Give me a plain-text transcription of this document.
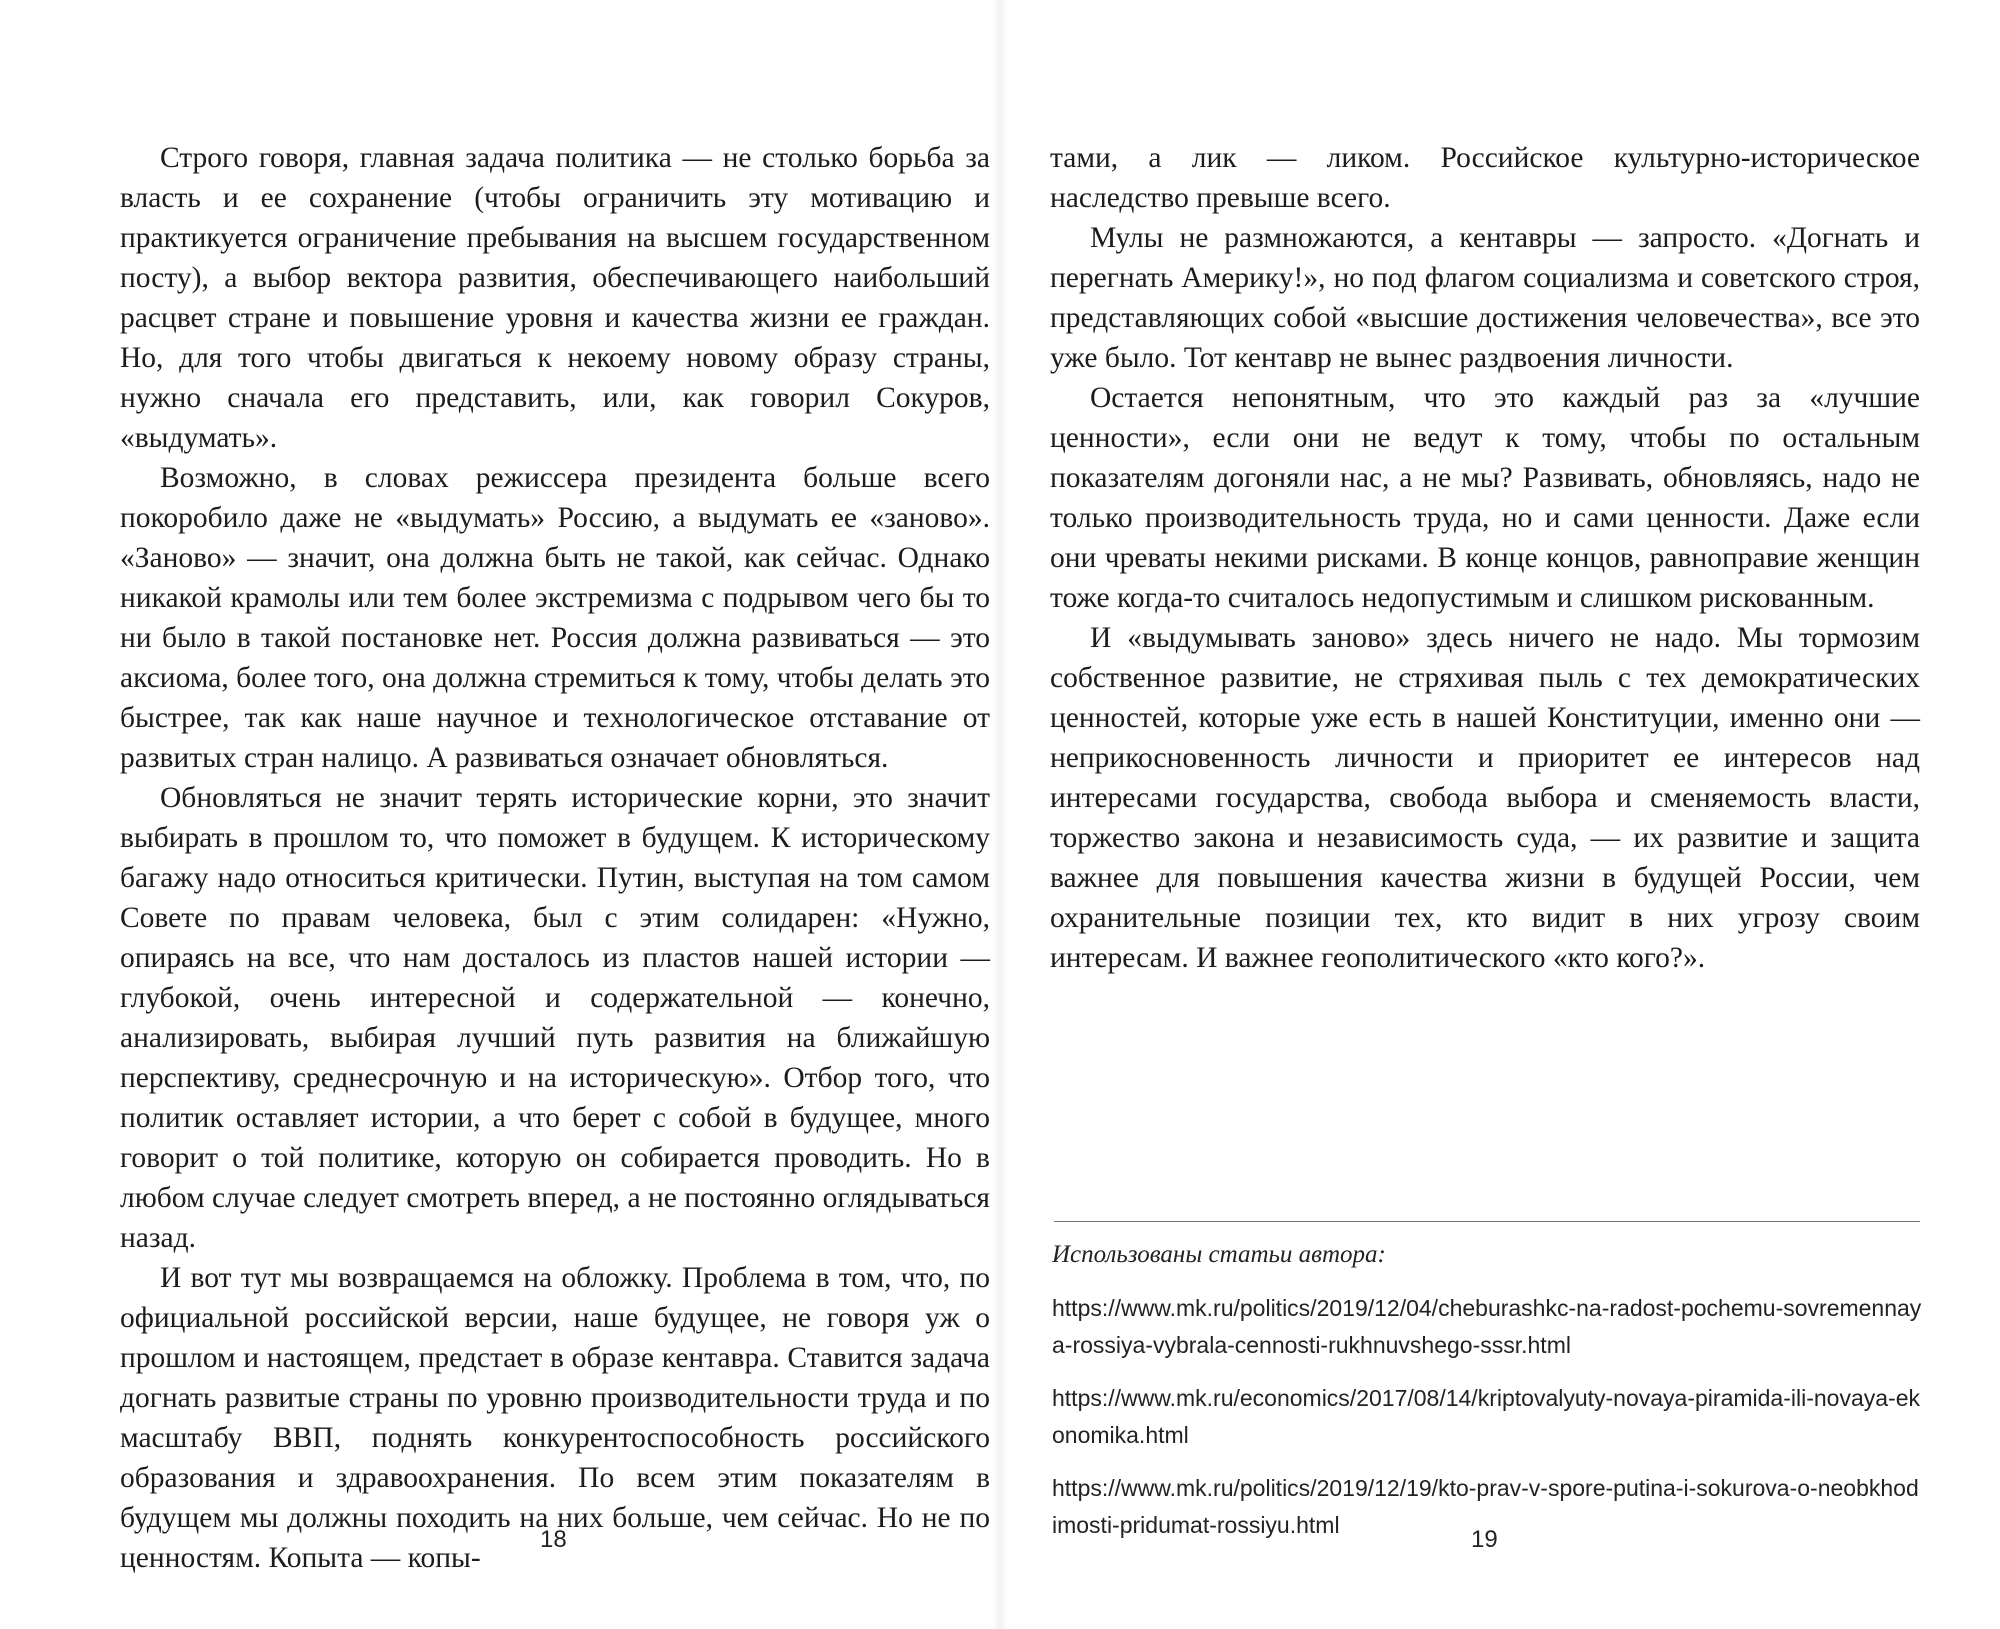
Строго говоря, главная задача политика — не столько борьба за власть и ее сохранение (чтобы ограничить эту мотивацию и практикуется ограничение пребывания на высшем государственном посту), а выбор вектора развития, обеспечивающего наибольший расцвет стране и повышение уровня и качества жизни ее граждан. Но, для того чтобы двигаться к некоему новому образу страны, нужно сначала его представить, или, как говорил Сокуров, «выдумать».

Возможно, в словах режиссера президента больше всего покоробило даже не «выдумать» Россию, а выдумать ее «заново». «Заново» — значит, она должна быть не такой, как сейчас. Однако никакой крамолы или тем более экстремизма с подрывом чего бы то ни было в такой постановке нет. Россия должна развиваться — это аксиома, более того, она должна стремиться к тому, чтобы делать это быстрее, так как наше научное и технологическое отставание от развитых стран налицо. А развиваться означает обновляться.

Обновляться не значит терять исторические корни, это значит выбирать в прошлом то, что поможет в будущем. К историческому багажу надо относиться критически. Путин, выступая на том самом Совете по правам человека, был с этим солидарен: «Нужно, опираясь на все, что нам досталось из пластов нашей истории — глубокой, очень интересной и содержательной — конечно, анализировать, выбирая лучший путь развития на ближайшую перспективу, среднесрочную и на историческую». Отбор того, что политик оставляет истории, а что берет с собой в будущее, много говорит о той политике, которую он собирается проводить. Но в любом случае следует смотреть вперед, а не постоянно оглядываться назад.

И вот тут мы возвращаемся на обложку. Проблема в том, что, по официальной российской версии, наше будущее, не говоря уж о прошлом и настоящем, предстает в образе кентавра. Ставится задача догнать развитые страны по уровню производительности труда и по масштабу ВВП, поднять конкурентоспособность российского образования и здравоохранения. По всем этим показателям в будущем мы должны походить на них больше, чем сейчас. Но не по ценностям. Копыта — копы-

18

тами, а лик — ликом. Российское культурно-историческое наследство превыше всего.

Мулы не размножаются, а кентавры — запросто. «Догнать и перегнать Америку!», но под флагом социализма и советского строя, представляющих собой «высшие достижения человечества», все это уже было. Тот кентавр не вынес раздвоения личности.

Остается непонятным, что это каждый раз за «лучшие ценности», если они не ведут к тому, чтобы по остальным показателям догоняли нас, а не мы? Развивать, обновляясь, надо не только производительность труда, но и сами ценности. Даже если они чреваты некими рисками. В конце концов, равноправие женщин тоже когда-то считалось недопустимым и слишком рискованным.

И «выдумывать заново» здесь ничего не надо. Мы тормозим собственное развитие, не стряхивая пыль с тех демократических ценностей, которые уже есть в нашей Конституции, именно они — неприкосновенность личности и приоритет ее интересов над интересами государства, свобода выбора и сменяемость власти, торжество закона и независимость суда, — их развитие и защита важнее для повышения качества жизни в будущей России, чем охранительные позиции тех, кто видит в них угрозу своим интересам. И важнее геополитического «кто кого?».

Использованы статьи автора:

https://www.mk.ru/politics/2019/12/04/cheburashkc-na-radost-pochemu-sovremennaya-rossiya-vybrala-cennosti-rukhnuvshego-sssr.html

https://www.mk.ru/economics/2017/08/14/kriptovalyuty-novaya-piramida-ili-novaya-ekonomika.html

https://www.mk.ru/politics/2019/12/19/kto-prav-v-spore-putina-i-sokurova-o-neobkhodimosti-pridumat-rossiyu.html

19
